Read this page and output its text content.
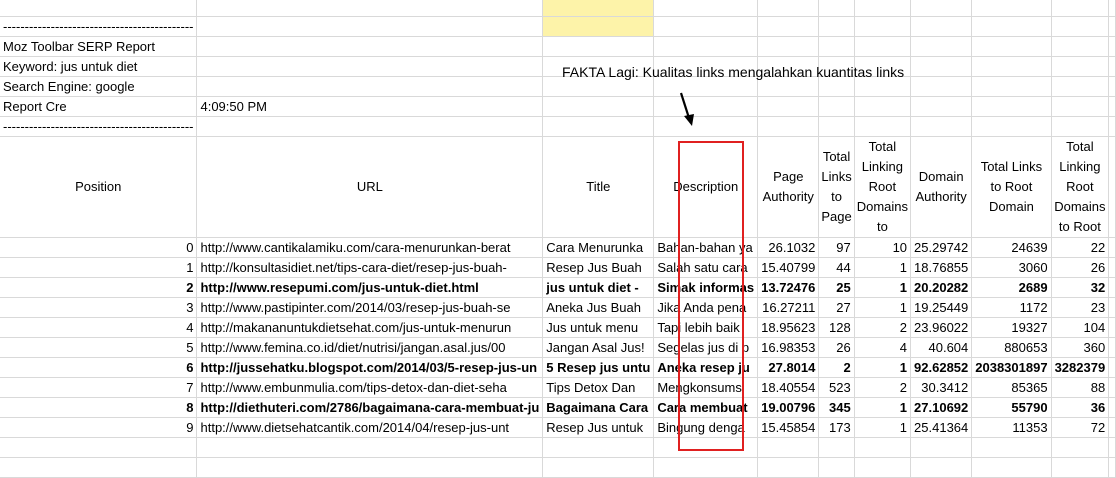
--------------------------------------------										
Moz Toolbar SERP Report										
Keyword: jus untuk diet										
Search Engine: google										
Report Cre	4:09:50 PM									
--------------------------------------------										
Position	URL	Title	Description	Page Authority	Total Links to Page	Total Linking Root Domains to	Domain Authority	Total Links to Root Domain	Total Linking Root Domains to Root	
0	http://www.cantikalamiku.com/cara-menurunkan-berat	Cara Menurunka	Bahan-bahan ya	26.1032	97	10	25.29742	24639	22	
1	http://konsultasidiet.net/tips-cara-diet/resep-jus-buah-	Resep Jus Buah	Salah satu cara	15.40799	44	1	18.76855	3060	26	
2	http://www.resepumi.com/jus-untuk-diet.html	jus untuk diet -	Simak informas	13.72476	25	1	20.20282	2689	32	
3	http://www.pastipinter.com/2014/03/resep-jus-buah-se	Aneka Jus Buah	Jika Anda pena	16.27211	27	1	19.25449	1172	23	
4	http://makananuntukdietsehat.com/jus-untuk-menurun	Jus untuk menu	Tapi lebih baik	18.95623	128	2	23.96022	19327	104	
5	http://www.femina.co.id/diet/nutrisi/jangan.asal.jus/00	Jangan Asal Jus!	Segelas jus di p	16.98353	26	4	40.604	880653	360	
6	http://jussehatku.blogspot.com/2014/03/5-resep-jus-un	5 Resep jus untu	Aneka resep ju	27.8014	2	1	92.62852	2038301897	3282379	
7	http://www.embunmulia.com/tips-detox-dan-diet-seha	Tips Detox Dan	Mengkonsumsi	18.40554	523	2	30.3412	85365	88	
8	http://diethuteri.com/2786/bagaimana-cara-membuat-ju	Bagaimana Cara	Cara membuat	19.00796	345	1	27.10692	55790	36	
9	http://www.dietsehatcantik.com/2014/04/resep-jus-unt	Resep Jus untuk	Bingung denga	15.45854	173	1	25.41364	11353	72	

FAKTA Lagi: Kualitas links mengalahkan kuantitas links
